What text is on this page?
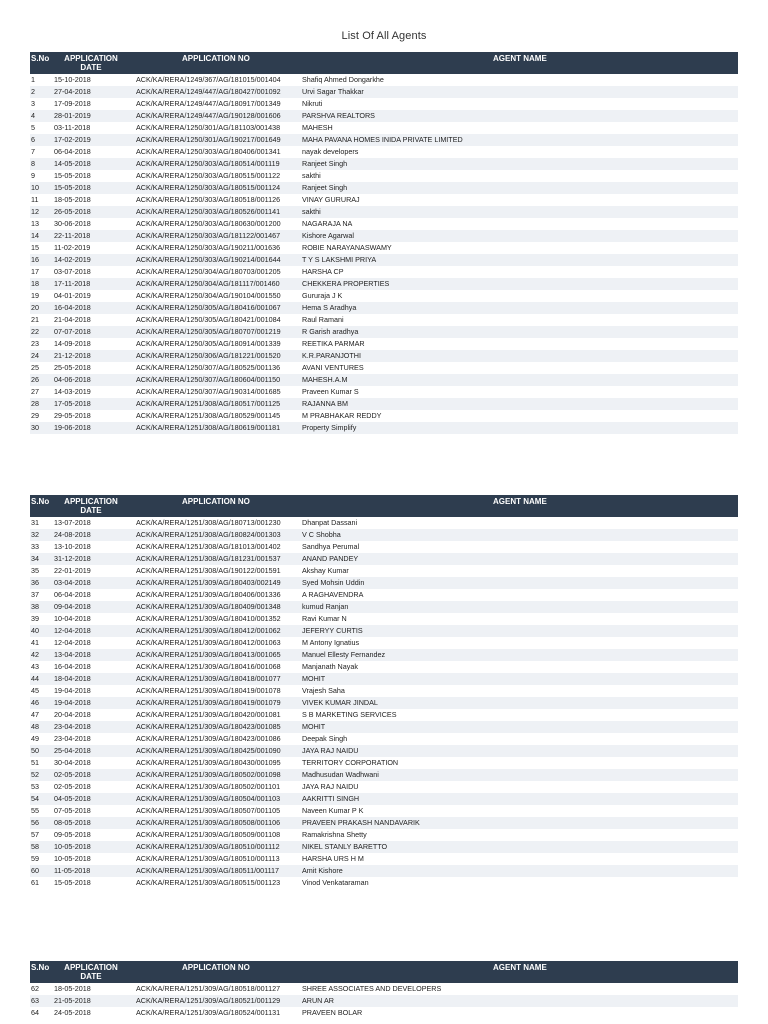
List Of All Agents
S.No APPLICATION
DATE
APPLICATION NO	AGENT NAME
1	15-10-2018	ACK/KA/RERA/1249/367/AG/181015/001404	Shafiq Ahmed Dongarkhe
2	27-04-2018	ACK/KA/RERA/1249/447/AG/180427/001092	Urvi Sagar Thakkar
3	17-09-2018	ACK/KA/RERA/1249/447/AG/180917/001349	Nikruti
4	28-01-2019	ACK/KA/RERA/1249/447/AG/190128/001606	PARSHVA REALTORS
5	03-11-2018	ACK/KA/RERA/1250/301/AG/181103/001438	MAHESH
6	17-02-2019	ACK/KA/RERA/1250/301/AG/190217/001649	MAHA PAVANA HOMES INIDA PRIVATE LIMITED
7	06-04-2018	ACK/KA/RERA/1250/303/AG/180406/001341	nayak developers
8	14-05-2018	ACK/KA/RERA/1250/303/AG/180514/001119	Ranjeet Singh
9	15-05-2018	ACK/KA/RERA/1250/303/AG/180515/001122	sakthi
10 15-05-2018	ACK/KA/RERA/1250/303/AG/180515/001124	Ranjeet Singh
11 18-05-2018	ACK/KA/RERA/1250/303/AG/180518/001126	VINAY GURURAJ
12 26-05-2018	ACK/KA/RERA/1250/303/AG/180526/001141	sakthi
13 30-06-2018	ACK/KA/RERA/1250/303/AG/180630/001200	NAGARAJA NA
14 22-11-2018	ACK/KA/RERA/1250/303/AG/181122/001467	Kishore Agarwal
15 11-02-2019	ACK/KA/RERA/1250/303/AG/190211/001636	ROBIE NARAYANASWAMY
16 14-02-2019	ACK/KA/RERA/1250/303/AG/190214/001644	T Y S LAKSHMI PRIYA
17 03-07-2018	ACK/KA/RERA/1250/304/AG/180703/001205	HARSHA CP
18 17-11-2018	ACK/KA/RERA/1250/304/AG/181117/001460	CHEKKERA PROPERTIES
19 04-01-2019	ACK/KA/RERA/1250/304/AG/190104/001550	Gururaja J K
20 16-04-2018	ACK/KA/RERA/1250/305/AG/180416/001067	Hema S Aradhya
21 21-04-2018	ACK/KA/RERA/1250/305/AG/180421/001084	Raul Ramani
22 07-07-2018	ACK/KA/RERA/1250/305/AG/180707/001219	R Garish aradhya
23 14-09-2018	ACK/KA/RERA/1250/305/AG/180914/001339	REETIKA PARMAR
24 21-12-2018	ACK/KA/RERA/1250/306/AG/181221/001520	K.R.PARANJOTHI
25 25-05-2018	ACK/KA/RERA/1250/307/AG/180525/001136	AVANI VENTURES
26 04-06-2018	ACK/KA/RERA/1250/307/AG/180604/001150	MAHESH.A.M
27 14-03-2019	ACK/KA/RERA/1250/307/AG/190314/001685	Praveen Kumar S
28 17-05-2018	ACK/KA/RERA/1251/308/AG/180517/001125	RAJANNA BM
29 29-05-2018	ACK/KA/RERA/1251/308/AG/180529/001145	M PRABHAKAR REDDY
30 19-06-2018	ACK/KA/RERA/1251/308/AG/180619/001181	Property Simplify
S.No APPLICATION
DATE
APPLICATION NO	AGENT NAME
31 13-07-2018	ACK/KA/RERA/1251/308/AG/180713/001230	Dhanpat Dassani
32 24-08-2018	ACK/KA/RERA/1251/308/AG/180824/001303	V C Shobha
33 13-10-2018	ACK/KA/RERA/1251/308/AG/181013/001402	Sandhya Perumal
34 31-12-2018	ACK/KA/RERA/1251/308/AG/181231/001537	ANAND PANDEY
35 22-01-2019	ACK/KA/RERA/1251/308/AG/190122/001591	Akshay Kumar
36 03-04-2018	ACK/KA/RERA/1251/309/AG/180403/002149	Syed Mohsin Uddin
37 06-04-2018	ACK/KA/RERA/1251/309/AG/180406/001336	A RAGHAVENDRA
38 09-04-2018	ACK/KA/RERA/1251/309/AG/180409/001348	kumud Ranjan
39 10-04-2018	ACK/KA/RERA/1251/309/AG/180410/001352	Ravi Kumar N
40 12-04-2018	ACK/KA/RERA/1251/309/AG/180412/001062	JEFERYY CURTIS
41 12-04-2018	ACK/KA/RERA/1251/309/AG/180412/001063	M Antony Ignatius
42 13-04-2018	ACK/KA/RERA/1251/309/AG/180413/001065	Manuel Ellesty Fernandez
43 16-04-2018	ACK/KA/RERA/1251/309/AG/180416/001068	Manjanath Nayak
44 18-04-2018	ACK/KA/RERA/1251/309/AG/180418/001077	MOHIT
45 19-04-2018	ACK/KA/RERA/1251/309/AG/180419/001078	Vrajesh Saha
46 19-04-2018	ACK/KA/RERA/1251/309/AG/180419/001079	VIVEK KUMAR JINDAL
47 20-04-2018	ACK/KA/RERA/1251/309/AG/180420/001081	S B MARKETING SERVICES
48 23-04-2018	ACK/KA/RERA/1251/309/AG/180423/001085	MOHIT
49 23-04-2018	ACK/KA/RERA/1251/309/AG/180423/001086	Deepak Singh
50 25-04-2018	ACK/KA/RERA/1251/309/AG/180425/001090	JAYA RAJ NAIDU
51 30-04-2018	ACK/KA/RERA/1251/309/AG/180430/001095	TERRITORY CORPORATION
52 02-05-2018	ACK/KA/RERA/1251/309/AG/180502/001098	Madhusudan Wadhwani
53 02-05-2018	ACK/KA/RERA/1251/309/AG/180502/001101	JAYA RAJ NAIDU
54 04-05-2018	ACK/KA/RERA/1251/309/AG/180504/001103	AAKRITTI SINGH
55 07-05-2018	ACK/KA/RERA/1251/309/AG/180507/001105	Naveen Kumar P K
56 08-05-2018	ACK/KA/RERA/1251/309/AG/180508/001106	PRAVEEN PRAKASH NANDAVARIK
57 09-05-2018	ACK/KA/RERA/1251/309/AG/180509/001108	Ramakrishna Shetty
58 10-05-2018	ACK/KA/RERA/1251/309/AG/180510/001112	NIKEL STANLY BARETTO
59 10-05-2018	ACK/KA/RERA/1251/309/AG/180510/001113	HARSHA URS H M
60 11-05-2018	ACK/KA/RERA/1251/309/AG/180511/001117	Amit Kishore
61 15-05-2018	ACK/KA/RERA/1251/309/AG/180515/001123	Vinod Venkataraman
S.No APPLICATION
DATE
APPLICATION NO	AGENT NAME
62 18-05-2018	ACK/KA/RERA/1251/309/AG/180518/001127	SHREE ASSOCIATES AND DEVELOPERS
63 21-05-2018	ACK/KA/RERA/1251/309/AG/180521/001129	ARUN AR
64 24-05-2018	ACK/KA/RERA/1251/309/AG/180524/001131	PRAVEEN BOLAR
